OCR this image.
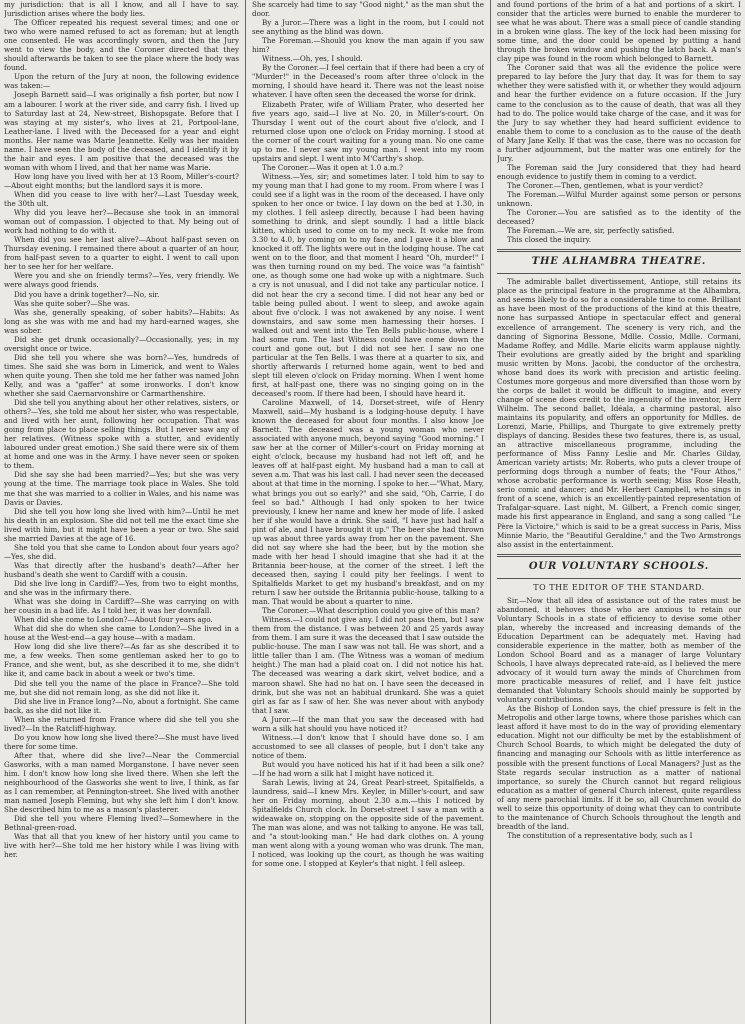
my jurisdiction: that is all I know, and all I have to say. Jurisdiction arises where the body lies.

The Officer repeated his request several times; and one or two who were named refused to act as foreman; but at length one consented. He was accordingly sworn, and then the Jury went to view the body, and the Coroner directed that they should afterwards be taken to see the place where the body was found.

Upon the return of the Jury at noon, the following evidence was taken:—

Joseph Barnett said—I was originally a fish porter, but now I am a labourer. I work at the river side, and carry fish. I lived up to Saturday last at 24, New-street, Bishopsgate. Before that I was staying at my sister's, who lives at 21, Portpool-lane, Leather-lane. I lived with the Deceased for a year and eight months. Her name was Marie Jeannette. Kelly was her maiden name. I have seen the body of the deceased, and I identify it by the hair and eyes. I am positive that the deceased was the woman with whom I lived, and that her name was Marie.

How long have you lived with her at 13 Room, Miller's-court?—About eight months; but the landlord says it is more.

When did you cease to live with her?—Last Tuesday week, the 30th ult.

Why did you leave her?—Because she took in an immoral woman out of compassion. I objected to that. My being out of work had nothing to do with it.

When did you see her last alive?—About half-past seven on Thursday evening. I remained there about a quarter of an hour, from half-past seven to a quarter to eight. I went to call upon her to see her for her welfare.

Were you and she on friendly terms?—Yes, very friendly. We were always good friends.

Did you have a drink together?—No, sir.

Was she quite sober?—She was.

Was she, generally speaking, of sober habits?—Habits: As long as she was with me and had my hard-earned wages, she was sober.

Did she get drunk occasionally?—Occasionally, yes; in my oversight once or twice.

Did she tell you where she was born?—Yes, hundreds of times. She said she was born in Limerick, and went to Wales when quite young. Then she told me her father was named John Kelly, and was a "gaffer" at some ironworks. I don't know whether she said Caernarvonshire or Carmarthenshire.

Did she tell you anything about her other relatives, sisters, or others?—Yes, she told me about her sister, who was respectable, and lived with her aunt, following her occupation. That was going from place to place selling things. But I never saw any of her relatives. (Witness spoke with a stutter, and evidently laboured under great emotion.) She said there were six of them at home and one was in the Army. I have never seen or spoken to them.

Did she say she had been married?—Yes; but she was very young at the time. The marriage took place in Wales. She told me that she was married to a collier in Wales, and his name was Davis or Davies.

Did she tell you how long she lived with him?—Until he met his death in an explosion. She did not tell me the exact time she lived with him, but it might have been a year or two. She said she married Davies at the age of 16.

She told you that she came to London about four years ago?—Yes, she did.

Was that directly after the husband's death?—After her husband's death she went to Cardiff with a cousin.

Did she live long in Cardiff?—Yes, from two to eight months, and she was in the infirmary there.

What was she doing in Cardiff?—She was carrying on with her cousin in a bad life. As I told her, it was her downfall.

When did she come to London?—About four years ago.

What did she do when she came to London?—She lived in a house at the West-end—a gay house—with a madam.

How long did she live there?—As far as she described it to me, a few weeks. Then some gentleman asked her to go to France, and she went, but, as she described it to me, she didn't like it, and came back in about a week or two's time.

Did she tell you the name of the place in France?—She told me, but she did not remain long, as she did not like it.

Did she live in France long?—No, about a fortnight. She came back, as she did not like it.

When she returned from France where did she tell you she lived?—In the Ratcliff-highway.

Do you know how long she lived there?—She must have lived there for some time.

After that, where did she live?—Near the Commercial Gasworks, with a man named Morganstone. I have never seen him. I don't know how long she lived there. When she left the neighbourhood of the Gasworks she went to live, I think, as far as I can remember, at Pennington-street. She lived with another man named Joseph Fleming, but why she left him I don't know. She described him to me as a mason's plasterer.

Did she tell you where Fleming lived?—Somewhere in the Bethnal-green-road.

Was that all that you knew of her history until you came to live with her?—She told me her history while I was living with her.

She scarcely had time to say "Good night," as the man shut the door.

By a Juror.—There was a light in the room, but I could not see anything as the blind was down.

The Foreman.—Should you know the man again if you saw him?

Witness.—Oh, yes, I should.

By the Coroner.—I feel certain that if there had been a cry of "Murder!" in the Deceased's room after three o'clock in the morning, I should have heard it. There was not the least noise whatever. I have often seen the deceased the worse for drink.

Elizabeth Prater, wife of William Prater, who deserted her five years ago, said—I live at No. 20, in Miller's-court. On Thursday I went out of the court about five o'clock, and I returned close upon one o'clock on Friday morning. I stood at the corner of the court waiting for a young man. No one came up to me. I never saw my young man. I went into my room upstairs and slept. I went into M'Carthy's shop.

The Coroner.—Was it open at 1.0 a.m.?

Witness.—Yes, sir; and sometimes later. I told him to say to my young man that I had gone to my room. From where I was I could see if a light was in the room of the deceased. I have only spoken to her once or twice. I lay down on the bed at 1.30, in my clothes. I fell asleep directly, because I had been having something to drink, and slept soundly. I had a little black kitten, which used to come on to my neck. It woke me from 3.30 to 4.0, by coming on to my face, and I gave it a blow and knocked it off. The lights were out in the lodging house. The cat went on to the floor, and that moment I heard "Oh, murder!" I was then turning round on my bed. The voice was "a faintish" one, as though some one had woke up with a nightmare. Such a cry is not unusual, and I did not take any particular notice. I did not hear the cry a second time. I did not hear any bed or table being pulled about. I went to sleep, and awoke again about five o'clock. I was not awakened by any noise. I went downstairs, and saw some men harnessing their horses. I walked out and went into the Ten Bells public-house, where I had some rum. The last Witness could have come down the court and gone out, but I did not see her. I saw no one particular at the Ten Bells. I was there at a quarter to six, and shortly afterwards I returned home again, went to bed and slept till eleven o'clock on Friday morning. When I went home first, at half-past one, there was no singing going on in the deceased's room. If there had been, I should have heard it.

Caroline Maxwell, of 14, Dorset-street, wife of Henry Maxwell, said—My husband is a lodging-house deputy. I have known the deceased for about four months. I also know Joe Barnett. The deceased was a young woman who never associated with anyone much, beyond saying "Good morning." I saw her at the corner of Miller's-court on Friday morning at eight o'clock, because my husband had not left off, and he leaves off at half-past eight. My husband had a man to call at seven a.m. That was his last call. I had never seen the deceased about at that time in the morning. I spoke to her.—"What, Mary, what brings you out so early?" and she said, "Oh, Carrie, I do feel so bad." Although I had only spoken to her twice previously, I knew her name and knew her mode of life. I asked her if she would have a drink. She said, "I have just had half a pint of ale, and I have brought it up." The beer she had thrown up was about three yards away from her on the pavement. She did not say where she had the beer, but by the motion she made with her head I should imagine that she had it at the Britannia beer-house, at the corner of the street. I left the deceased then, saying I could pity her feelings. I went to Spitalfields Market to get my husband's breakfast, and on my return I saw her outside the Britannia public-house, talking to a man. That would be about a quarter to nine.

The Coroner.—What description could you give of this man?

Witness.—I could not give any. I did not pass them, but I saw them from the distance. I was between 20 and 25 yards away from them. I am sure it was the deceased that I saw outside the public-house. The man I saw was not tall. He was short, and a little taller than I am. (The Witness was a woman of medium height.) The man had a plaid coat on. I did not notice his hat. The deceased was wearing a dark skirt, velvet bodice, and a maroon shawl. She had no hat on. I have seen the deceased in drink, but she was not an habitual drunkard. She was a quiet girl as far as I saw of her. She was never about with anybody that I saw.

A Juror.—If the man that you saw the deceased with had worn a silk hat should you have noticed it?

Witness.—I don't know that I should have done so. I am accustomed to see all classes of people, but I don't take any notice of them.

But would you have noticed his hat if it had been a silk one?—If he had worn a silk hat I might have noticed it.

Sarah Lewis, living at 24, Great Pearl-street, Spitalfields, a laundress, said—I knew Mrs. Keyler, in Miller's-court, and saw her on Friday morning, about 2.30 a.m.—this I noticed by Spitalfields Church clock. In Dorset-street I saw a man with a wideawake on, stopping on the opposite side of the pavement. The man was alone, and was not talking to anyone. He was tall, and "a stout-looking man." He had dark clothes on. A young man went along with a young woman who was drunk. The man, I noticed, was looking up the court, as though he was waiting for some one. I stopped at Keyler's that night. I fell asleep.

and found portions of the brim of a hat and portions of a skirt. I consider that the articles were burned to enable the murderer to see what he was about. There was a small piece of candle standing in a broken wine glass. The key of the lock had been missing for some time, and the door could be opened by putting a hand through the broken window and pushing the latch back. A man's clay pipe was found in the room which belonged to Barnett.

The Coroner said that was all the evidence the police were prepared to lay before the Jury that day. It was for them to say whether they were satisfied with it, or whether they would adjourn and hear the further evidence on a future occasion. If the Jury came to the conclusion as to the cause of death, that was all they had to do. The police would take charge of the case, and it was for the Jury to say whether they had heard sufficient evidence to enable them to come to a conclusion as to the cause of the death of Mary Jane Kelly. If that was the case, there was no occasion for a further adjournment, but the matter was one entirely for the Jury.

The Foreman said the Jury considered that they had heard enough evidence to justify them in coming to a verdict.

The Coroner.—Then, gentlemen, what is your verdict?

The Foreman.—Wilful Murder against some person or persons unknown.

The Coroner.—You are satisfied as to the identity of the deceased?

The Foreman.—We are, sir, perfectly satisfied.

This closed the inquiry.

THE ALHAMBRA THEATRE.

The admirable ballet divertissement, Antiope, still retains its place as the principal feature in the programme at the Alhambra, and seems likely to do so for a considerable time to come. Brilliant as have been most of the productions of the kind at this theatre, none has surpassed Antiope in spectacular effect and general excellence of arrangement. The scenery is very rich, and the dancing of Signorina Bessone, Mdlle. Cossio, Mdlle. Cormani, Madame Roffey, and Mdlle. Marie elicits warm applause nightly. Their evolutions are greatly aided by the bright and sparkling music written by Mons. Jacobi, the conductor of the orchestra, whose band does its work with precision and artistic feeling. Costumes more gorgeous and more diversified than those worn by the corps de ballet it would be difficult to imagine, and every change of scene does credit to the ingenuity of the inventor, Herr Wilhelm. The second ballet, Idéala, a charming pastoral, also maintains its popularity, and offers an opportunity for Mdlles. de Lorenzi, Marie, Phillips, and Thurgate to give extremely pretty displays of dancing. Besides these two features, there is, as usual, an attractive miscellaneous programme, including the performance of Miss Fanny Leslie and Mr. Charles Gilday, American variety artists; Mr. Roberts, who puts a clever troupe of performing dogs through a number of feats; the "Four Athos," whose acrobatic performance is worth seeing; Miss Rose Heath, serio comic and dancer; and Mr. Herbert Campbell, who sings in front of a scene, which is an excellently-painted representation of Trafalgar-square. Last night, M. Gilbert, a French comic singer, made his first appearance in England, and sang a song called "Le Père la Victoire," which is said to be a great success in Paris, Miss Minnie Mario, the "Beautiful Geraldine," and the Two Armstrongs also assist in the entertainment.

OUR VOLUNTARY SCHOOLS.
TO THE EDITOR OF THE STANDARD.

Sir,—Now that all idea of assistance out of the rates must be abandoned, it behoves those who are anxious to retain our Voluntary Schools in a state of efficiency to devise some other plan, whereby the increased and increasing demands of the Education Department can be adequately met. Having had considerable experience in the matter, both as member of the London School Board and as a manager of large Voluntary Schools, I have always deprecated rate-aid, as I believed the mere advocacy of it would turn away the minds of Churchmen from more practicable measures of relief, and I have felt justice demanded that Voluntary Schools should mainly be supported by voluntary contributions.

As the Bishop of London says, the chief pressure is felt in the Metropolis and other large towns, where those parishes which can least afford it have most to do in the way of providing elementary education. Might not our difficulty be met by the establishment of Church School Boards, to which might be delegated the duty of financing and managing our Schools with as little interference as possible with the present functions of Local Managers? Just as the State regards secular instruction as a matter of national importance, so surely the Church cannot but regard religious education as a matter of general Church interest, quite regardless of any mere parochial limits. If it be so, all Churchmen would do well to seize this opportunity of doing what they can to contribute to the maintenance of Church Schools throughout the length and breadth of the land.

The constitution of a representative body, such as I
